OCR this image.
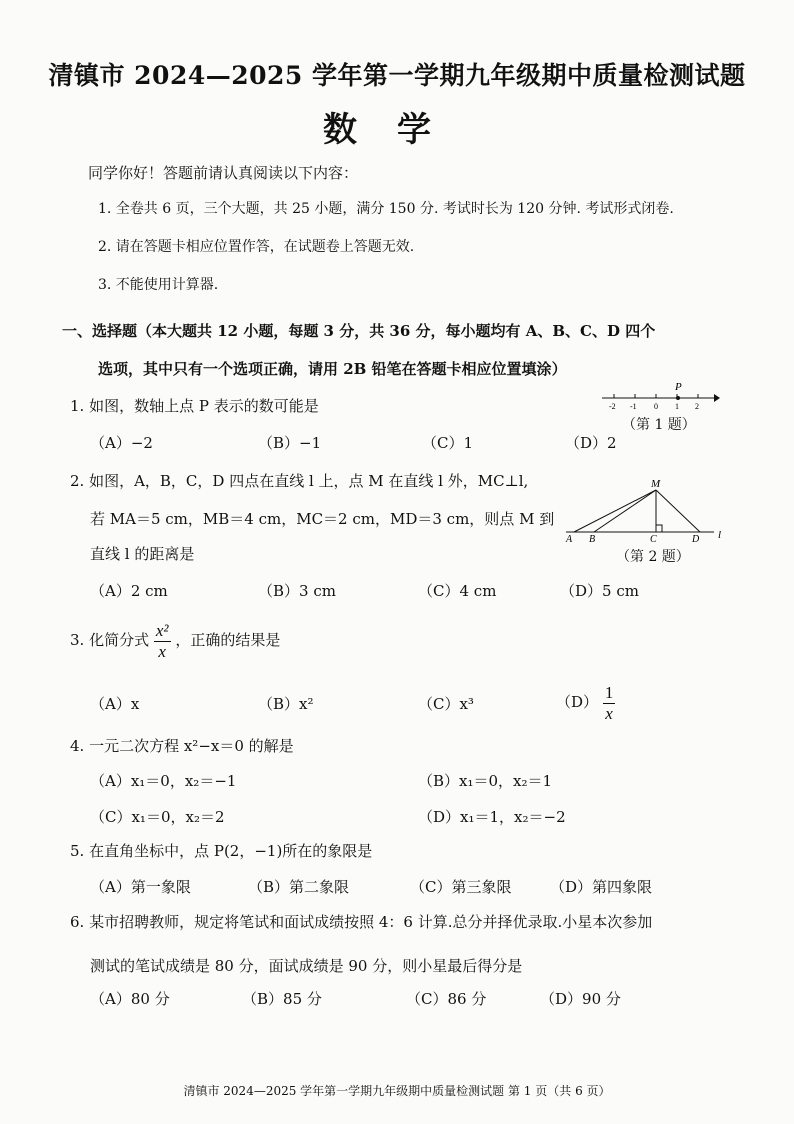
清镇市 2024—2025 学年第一学期九年级期中质量检测试题
数学
同学你好！答题前请认真阅读以下内容：
1. 全卷共 6 页，三个大题，共 25 小题，满分 150 分. 考试时长为 120 分钟. 考试形式闭卷.
2. 请在答题卡相应位置作答，在试题卷上答题无效.
3. 不能使用计算器.
一、选择题（本大题共 12 小题，每题 3 分，共 36 分，每小题均有 A、B、C、D 四个
选项，其中只有一个选项正确，请用 2B 铅笔在答题卡相应位置填涂）
1. 如图，数轴上点 P 表示的数可能是
P
-2 -1 0 1 2
（第 1 题）
（A）−2	（B）−1	（C）1	（D）2
2. 如图，A，B，C，D 四点在直线 l 上，点 M 在直线 l 外，MC⊥l,
若 MA＝5 cm，MB＝4 cm，MC＝2 cm，MD＝3 cm，则点 M 到
直线 l 的距离是
M
A B	C	D l
（第 2 题）
（A）2 cm	（B）3 cm	（C）4 cm	（D）5 cm
3. 化简分式 $\frac{\text{x²}}{x}$ ，正确的结果是
（A）x	（B）x²	（C）x³	$(D) \frac{1}{x}$
4. 一元二次方程 x²−x＝0 的解是
（A）x₁＝0，x₂＝−1	（B）x₁＝0，x₂＝1
（C）x₁＝0，x₂＝2	（D）x₁＝1，x₂＝−2
5. 在直角坐标中，点 P(2，−1)所在的象限是
（A）第一象限	（B）第二象限	（C）第三象限	（D）第四象限
6. 某市招聘教师，规定将笔试和面试成绩按照 4：6 计算.总分并择优录取.小星本次参加
测试的笔试成绩是 80 分，面试成绩是 90 分，则小星最后得分是
（A）80 分	（B）85 分	（C）86 分	（D）90 分
清镇市 2024—2025 学年第一学期九年级期中质量检测试题 第 1 页（共 6 页）
